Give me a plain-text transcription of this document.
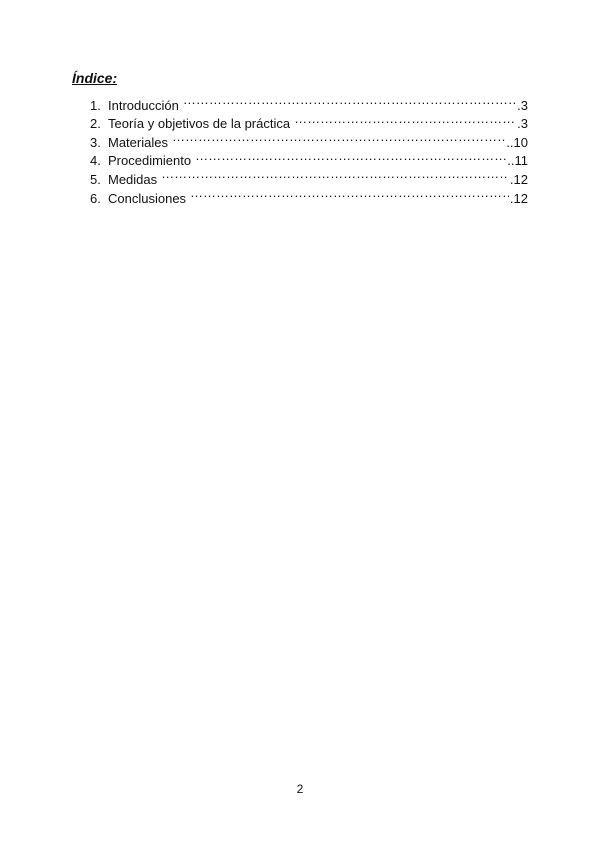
Índice:
1. Introducción …………………………………………………………………………………………………………………………………………	.3
2. Teoría y objetivos de la práctica …………………………………………………………………………………………………………………………………………	.3
3. Materiales …………………………………………………………………………………………………………………………………………	..10
4. Procedimiento …………………………………………………………………………………………………………………………………………	..11
5. Medidas …………………………………………………………………………………………………………………………………………	.12
6. Conclusiones …………………………………………………………………………………………………………………………………………	.12
2
